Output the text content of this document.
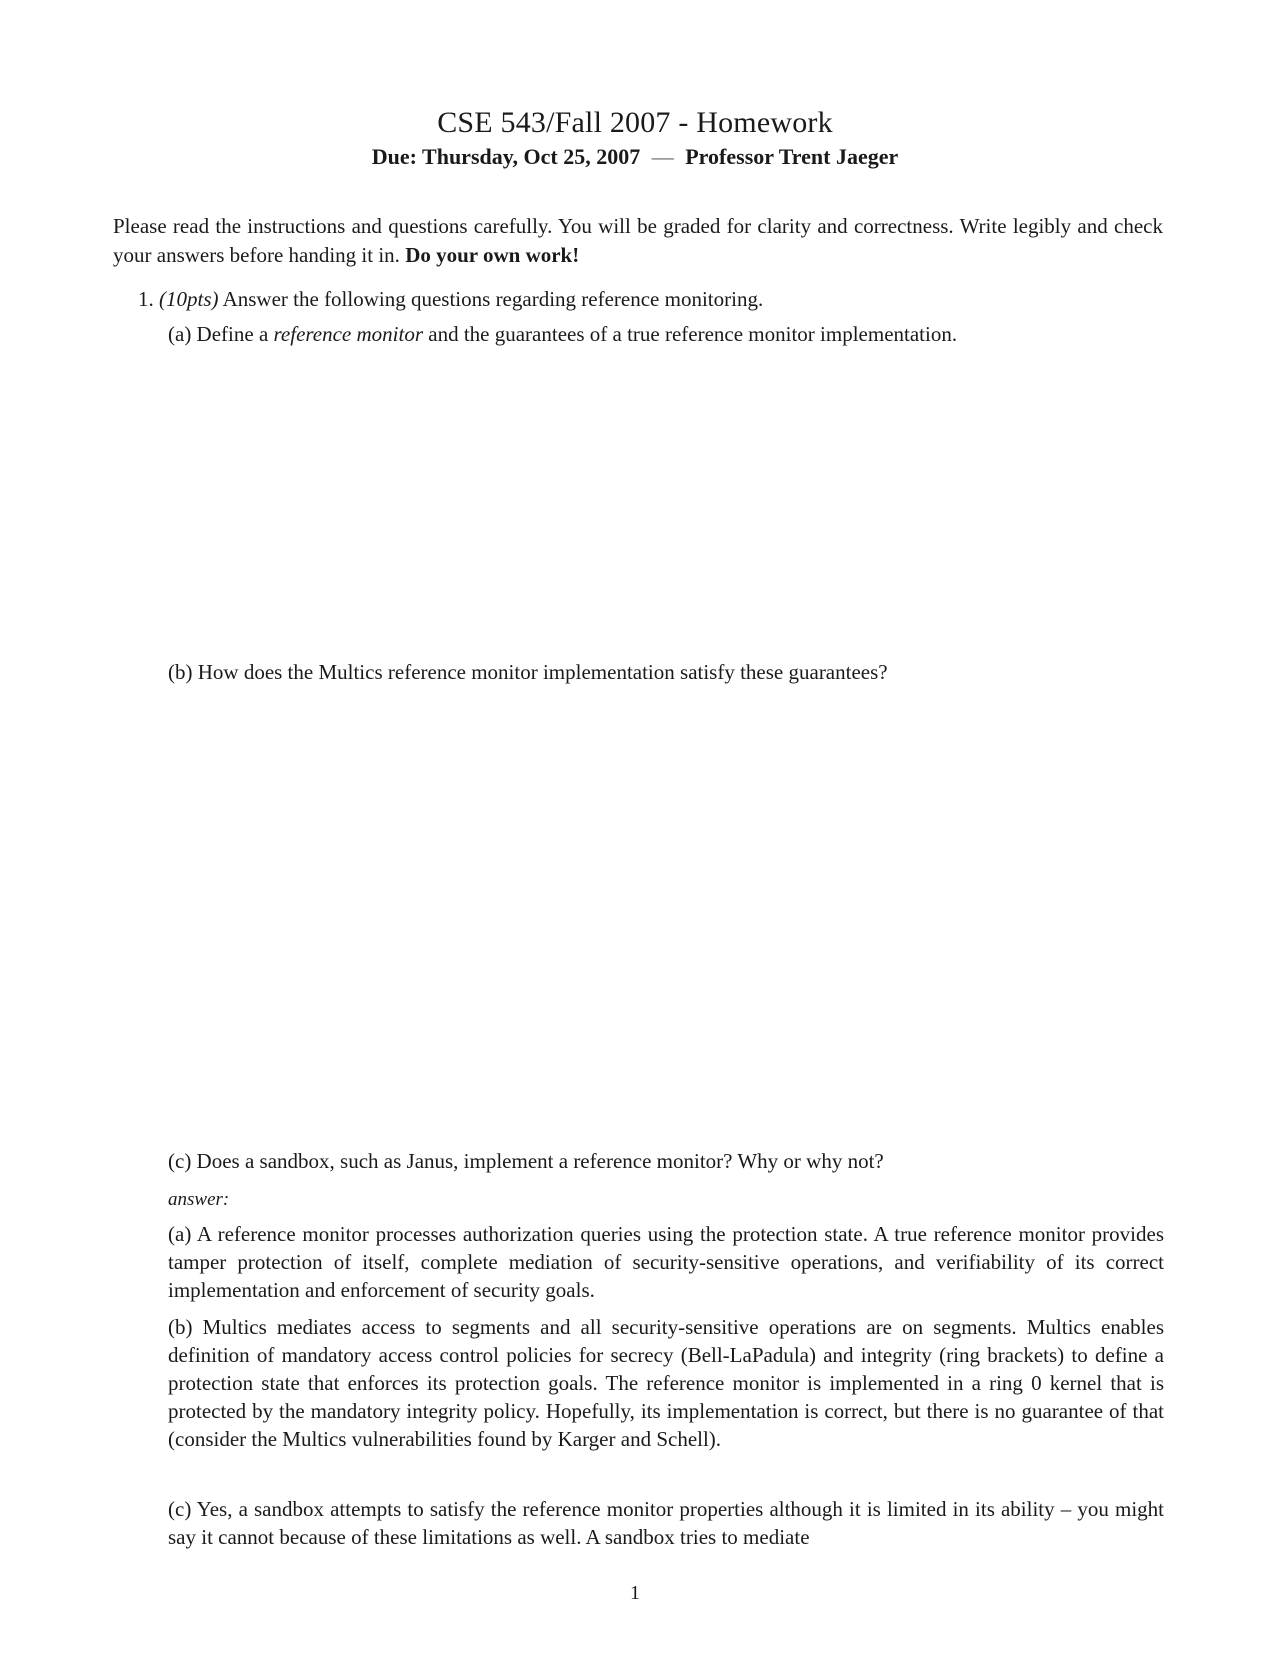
CSE 543/Fall 2007 - Homework
Due: Thursday, Oct 25, 2007 — Professor Trent Jaeger
Please read the instructions and questions carefully. You will be graded for clarity and correctness. Write legibly and check your answers before handing it in. Do your own work!
1. (10pts) Answer the following questions regarding reference monitoring.
(a) Define a reference monitor and the guarantees of a true reference monitor implementation.
(b) How does the Multics reference monitor implementation satisfy these guarantees?
(c) Does a sandbox, such as Janus, implement a reference monitor? Why or why not?
answer:
(a) A reference monitor processes authorization queries using the protection state. A true reference monitor provides tamper protection of itself, complete mediation of security-sensitive operations, and verifiability of its correct implementation and enforcement of security goals.
(b) Multics mediates access to segments and all security-sensitive operations are on segments. Multics enables definition of mandatory access control policies for secrecy (Bell-LaPadula) and integrity (ring brackets) to define a protection state that enforces its protection goals. The reference monitor is implemented in a ring 0 kernel that is protected by the mandatory integrity policy. Hopefully, its implementation is correct, but there is no guarantee of that (consider the Multics vulnerabilities found by Karger and Schell).
(c) Yes, a sandbox attempts to satisfy the reference monitor properties although it is limited in its ability – you might say it cannot because of these limitations as well. A sandbox tries to mediate
1
